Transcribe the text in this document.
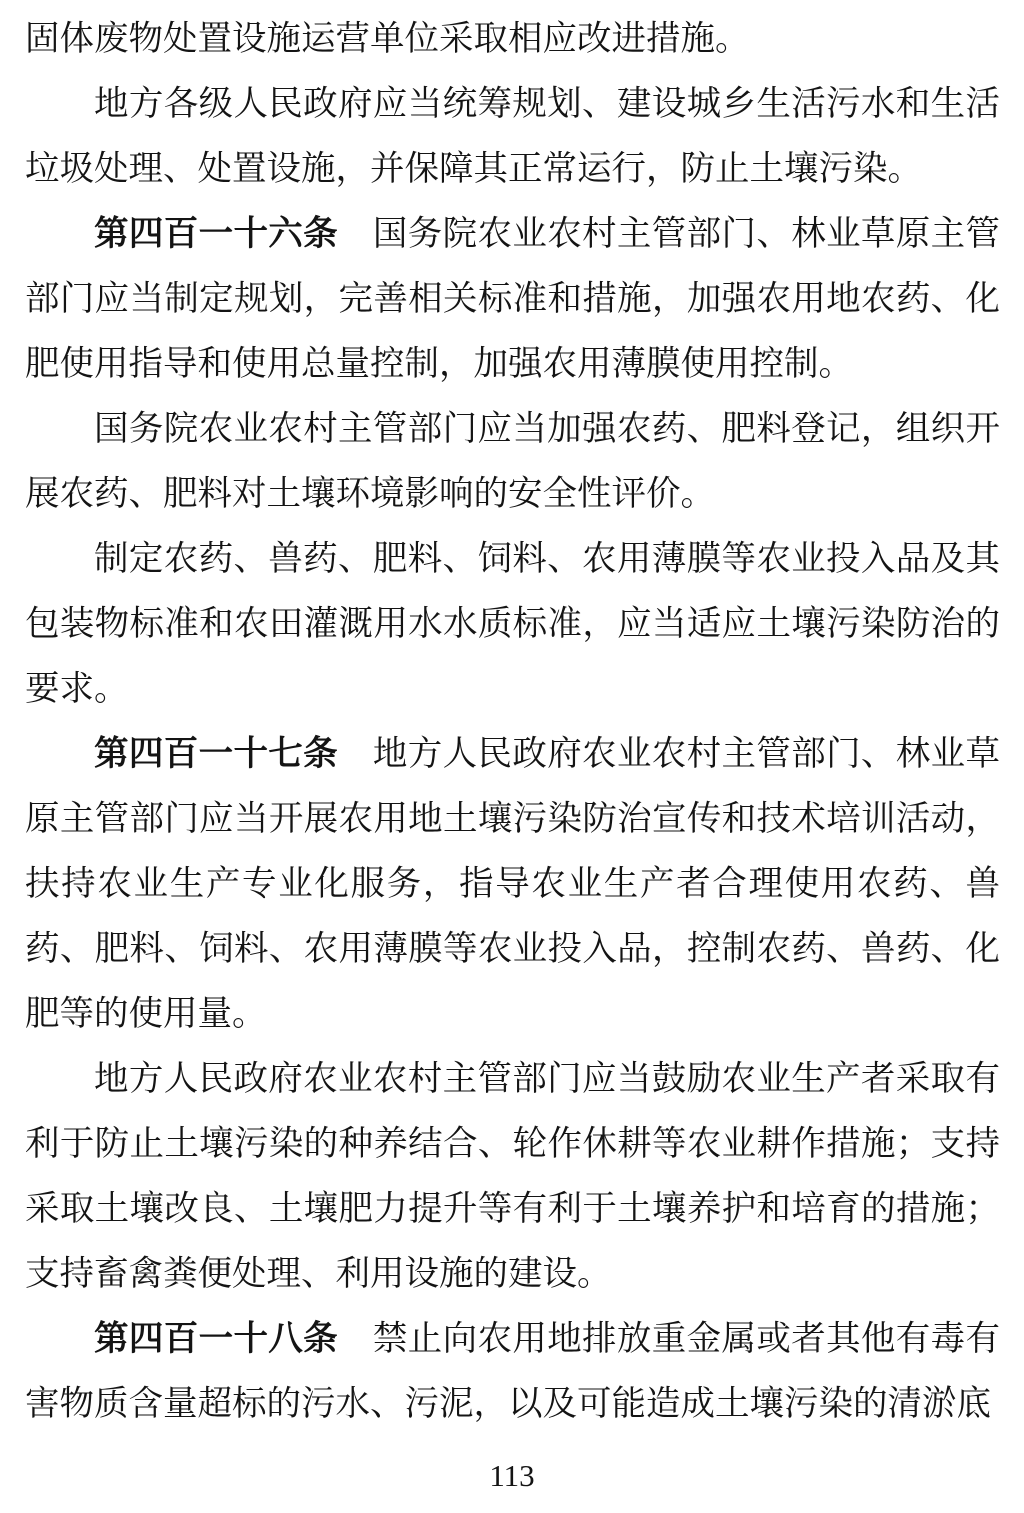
固体废物处置设施运营单位采取相应改进措施。

地方各级人民政府应当统筹规划、建设城乡生活污水和生活垃圾处理、处置设施，并保障其正常运行，防止土壤污染。

第四百一十六条　国务院农业农村主管部门、林业草原主管部门应当制定规划，完善相关标准和措施，加强农用地农药、化肥使用指导和使用总量控制，加强农用薄膜使用控制。

国务院农业农村主管部门应当加强农药、肥料登记，组织开展农药、肥料对土壤环境影响的安全性评价。

制定农药、兽药、肥料、饲料、农用薄膜等农业投入品及其包装物标准和农田灌溉用水水质标准，应当适应土壤污染防治的要求。

第四百一十七条　地方人民政府农业农村主管部门、林业草原主管部门应当开展农用地土壤污染防治宣传和技术培训活动，扶持农业生产专业化服务，指导农业生产者合理使用农药、兽药、肥料、饲料、农用薄膜等农业投入品，控制农药、兽药、化肥等的使用量。

地方人民政府农业农村主管部门应当鼓励农业生产者采取有利于防止土壤污染的种养结合、轮作休耕等农业耕作措施；支持采取土壤改良、土壤肥力提升等有利于土壤养护和培育的措施；支持畜禽粪便处理、利用设施的建设。

第四百一十八条　禁止向农用地排放重金属或者其他有毒有害物质含量超标的污水、污泥，以及可能造成土壤污染的清淤底

113
